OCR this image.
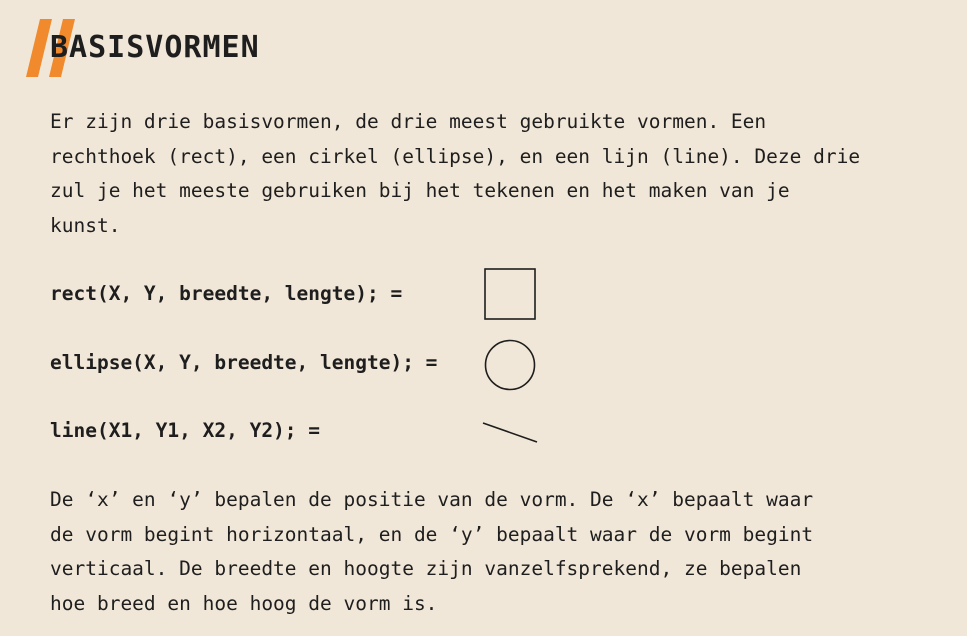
BASISVORMEN

Er zijn drie basisvormen, de drie meest gebruikte vormen. Een
rechthoek (rect), een cirkel (ellipse), en een lijn (line). Deze drie
zul je het meeste gebruiken bij het tekenen en het maken van je
kunst.

rect(X, Y, breedte, lengte); =
ellipse(X, Y, breedte, lengte); =
line(X1, Y1, X2, Y2); =

De ‘x’ en ‘y’ bepalen de positie van de vorm. De ‘x’ bepaalt waar
de vorm begint horizontaal, en de ‘y’ bepaalt waar de vorm begint
verticaal. De breedte en hoogte zijn vanzelfsprekend, ze bepalen
hoe breed en hoe hoog de vorm is.
